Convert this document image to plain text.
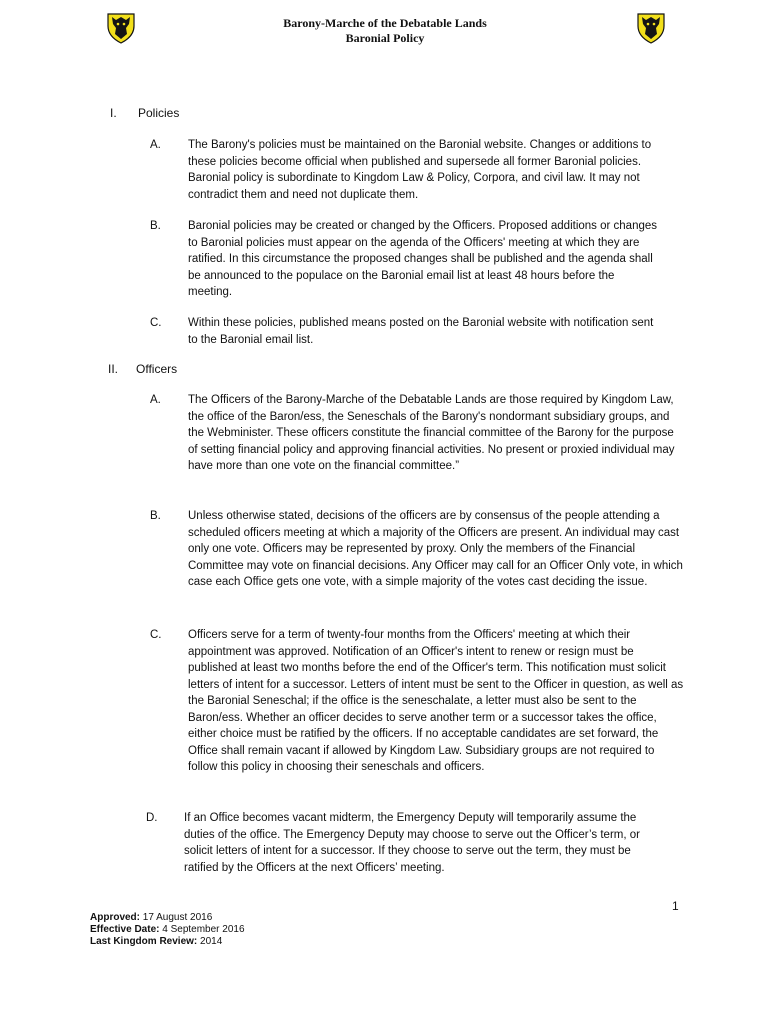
Barony-Marche of the Debatable Lands
Baronial Policy
I.	Policies
A. The Barony's policies must be maintained on the Baronial website. Changes or additions to these policies become official when published and supersede all former Baronial policies. Baronial policy is subordinate to Kingdom Law & Policy, Corpora, and civil law. It may not contradict them and need not duplicate them.
B. Baronial policies may be created or changed by the Officers. Proposed additions or changes to Baronial policies must appear on the agenda of the Officers' meeting at which they are ratified. In this circumstance the proposed changes shall be published and the agenda shall be announced to the populace on the Baronial email list at least 48 hours before the meeting.
C. Within these policies, published means posted on the Baronial website with notification sent to the Baronial email list.
II.	Officers
A. The Officers of the Barony-Marche of the Debatable Lands are those required by Kingdom Law, the office of the Baron/ess, the Seneschals of the Barony's nondormant subsidiary groups, and the Webminister. These officers constitute the financial committee of the Barony for the purpose of setting financial policy and approving financial activities. No present or proxied individual may have more than one vote on the financial committee.”
B. Unless otherwise stated, decisions of the officers are by consensus of the people attending a scheduled officers meeting at which a majority of the Officers are present. An individual may cast only one vote. Officers may be represented by proxy. Only the members of the Financial Committee may vote on financial decisions. Any Officer may call for an Officer Only vote, in which case each Office gets one vote, with a simple majority of the votes cast deciding the issue.
C. Officers serve for a term of twenty-four months from the Officers' meeting at which their appointment was approved. Notification of an Officer's intent to renew or resign must be published at least two months before the end of the Officer's term. This notification must solicit letters of intent for a successor. Letters of intent must be sent to the Officer in question, as well as the Baronial Seneschal; if the office is the seneschalate, a letter must also be sent to the Baron/ess. Whether an officer decides to serve another term or a successor takes the office, either choice must be ratified by the officers. If no acceptable candidates are set forward, the Office shall remain vacant if allowed by Kingdom Law. Subsidiary groups are not required to follow this policy in choosing their seneschals and officers.
D. If an Office becomes vacant midterm, the Emergency Deputy will temporarily assume the duties of the office. The Emergency Deputy may choose to serve out the Officer’s term, or solicit letters of intent for a successor. If they choose to serve out the term, they must be ratified by the Officers at the next Officers’ meeting.
1
Approved: 17 August 2016
Effective Date: 4 September 2016
Last Kingdom Review: 2014
